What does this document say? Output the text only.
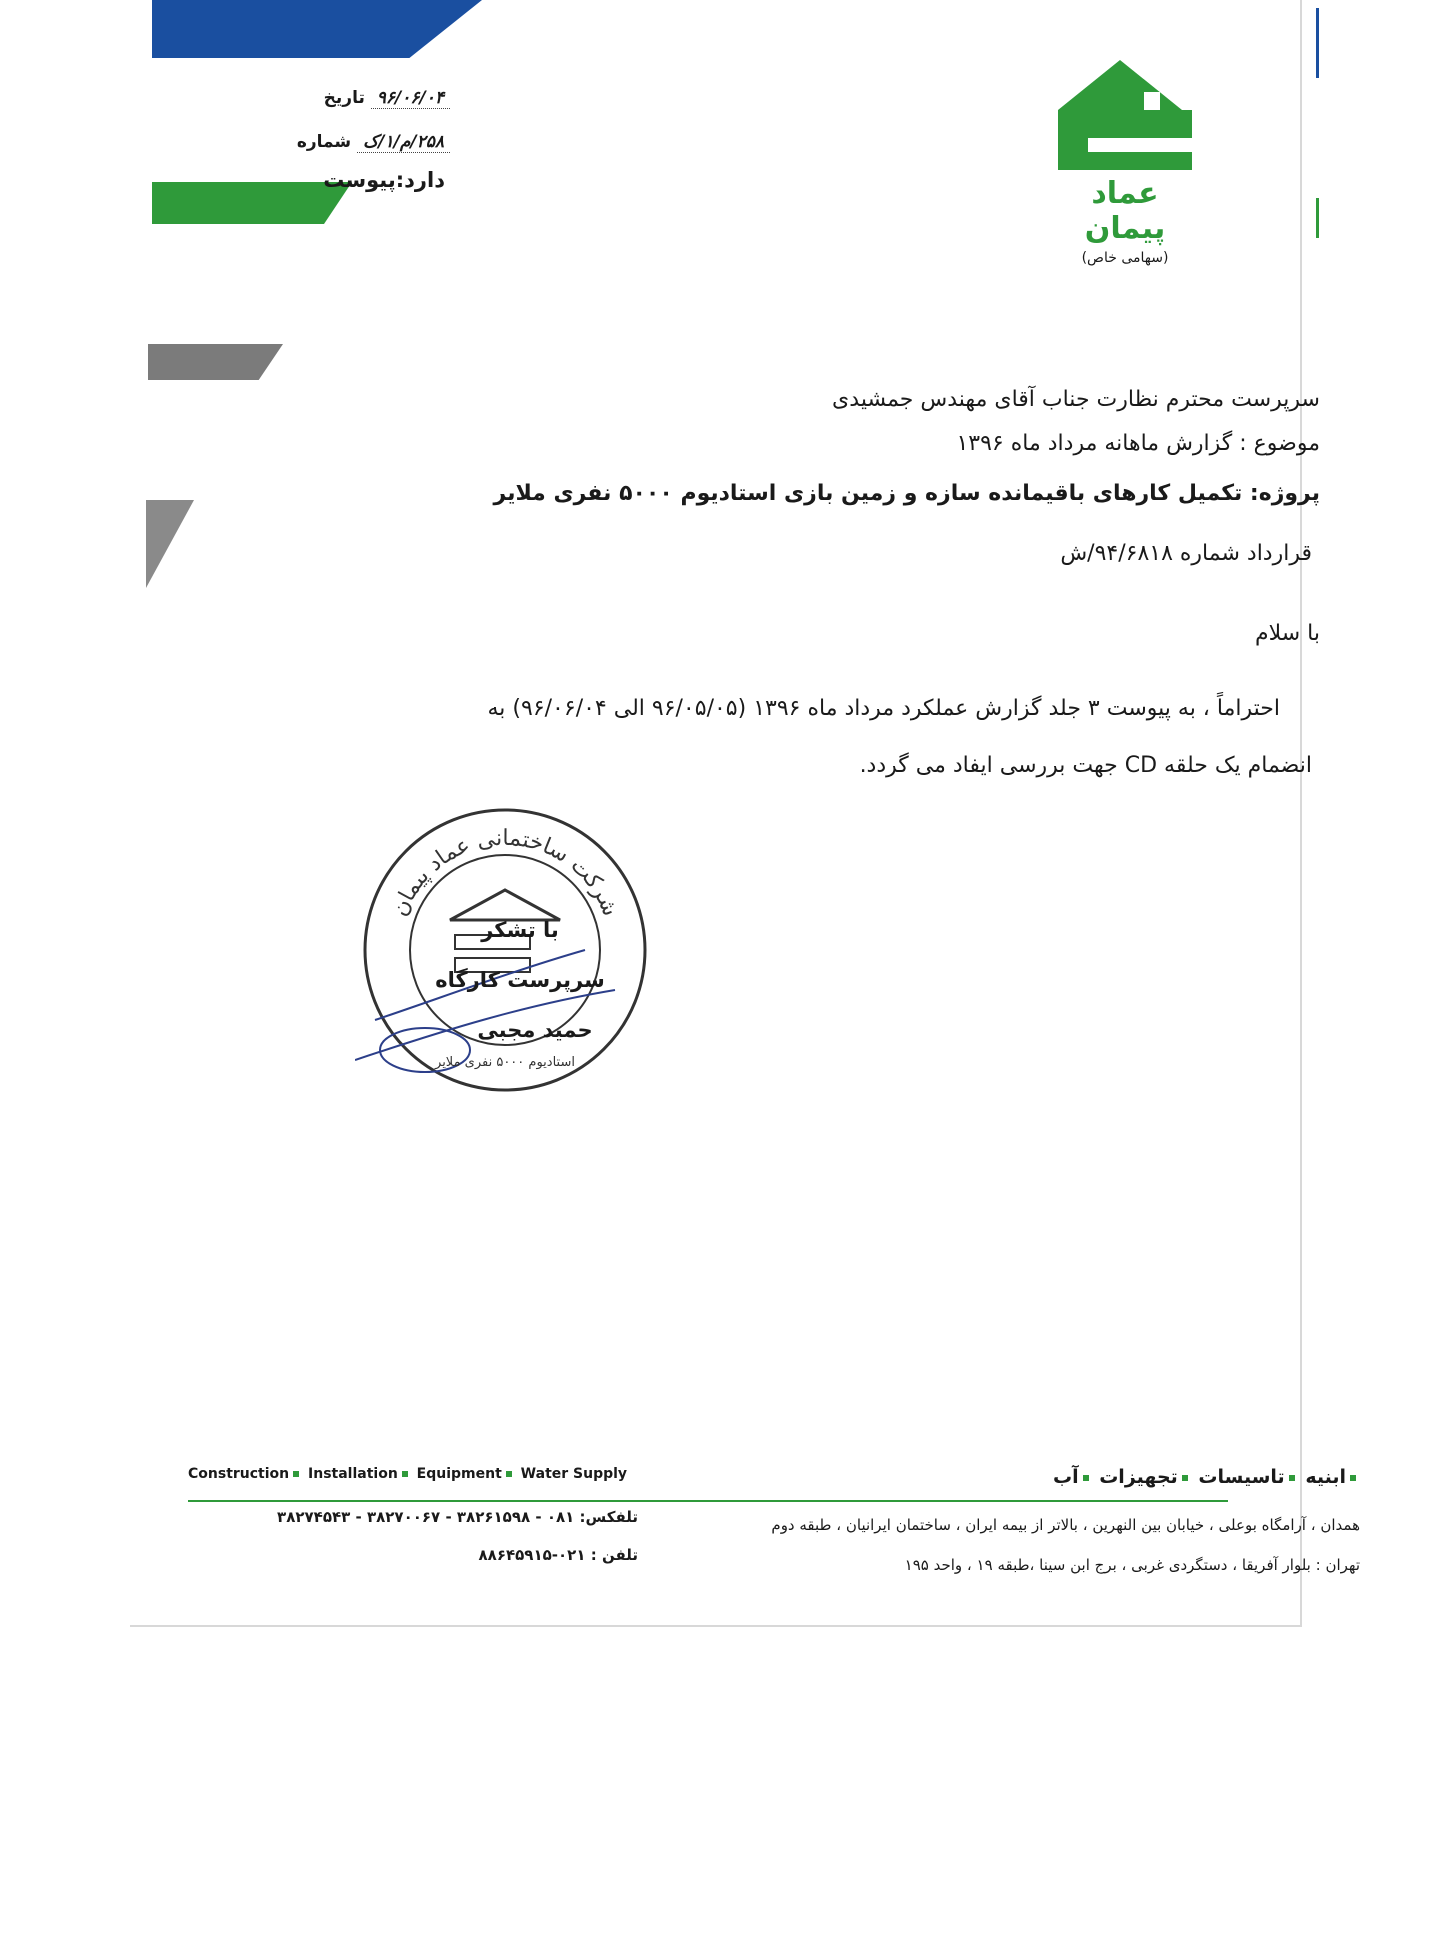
عماد پیمان
(سهامی خاص)
۹۶/۰۶/۰۴ تاریخ
۲۵۸/م/۱/ک شماره
دارد:پیوست
سرپرست محترم نظارت جناب آقای مهندس جمشیدی
موضوع : گزارش ماهانه مرداد ماه ۱۳۹۶
پروژه: تکمیل کارهای باقیمانده سازه و زمین بازی استادیوم ۵۰۰۰ نفری ملایر
قرارداد شماره ۹۴/۶۸۱۸/ش
با سلام
احتراماً ، به پیوست ۳ جلد گزارش عملکرد مرداد ماه ۱۳۹۶ (۹۶/۰۵/۰۵ الی ۹۶/۰۶/۰۴) به
انضمام یک حلقه CD جهت بررسی ایفاد می گردد.
شرکت ساختمانی عماد پیمان
استادیوم ۵۰۰۰ نفری ملایر
با تشکر
سرپرست کارگاه
حمید مجبی
Construction Installation Equipment Water Supply	ابنیه تاسیسات تجهیزات آب
همدان ، آرامگاه بوعلی ، خیابان بین النهرین ، بالاتر از بیمه ایران ، ساختمان ایرانیان ، طبقه دوم
تلفکس: ۰۸۱ - ۳۸۲۶۱۵۹۸ - ۳۸۲۷۰۰۶۷ - ۳۸۲۷۴۵۴۳
تهران : بلوار آفریقا ، دستگردی غربی ، برج ابن سینا ،طبقه ۱۹ ، واحد ۱۹۵
تلفن : ۰۲۱-۸۸۶۴۵۹۱۵
